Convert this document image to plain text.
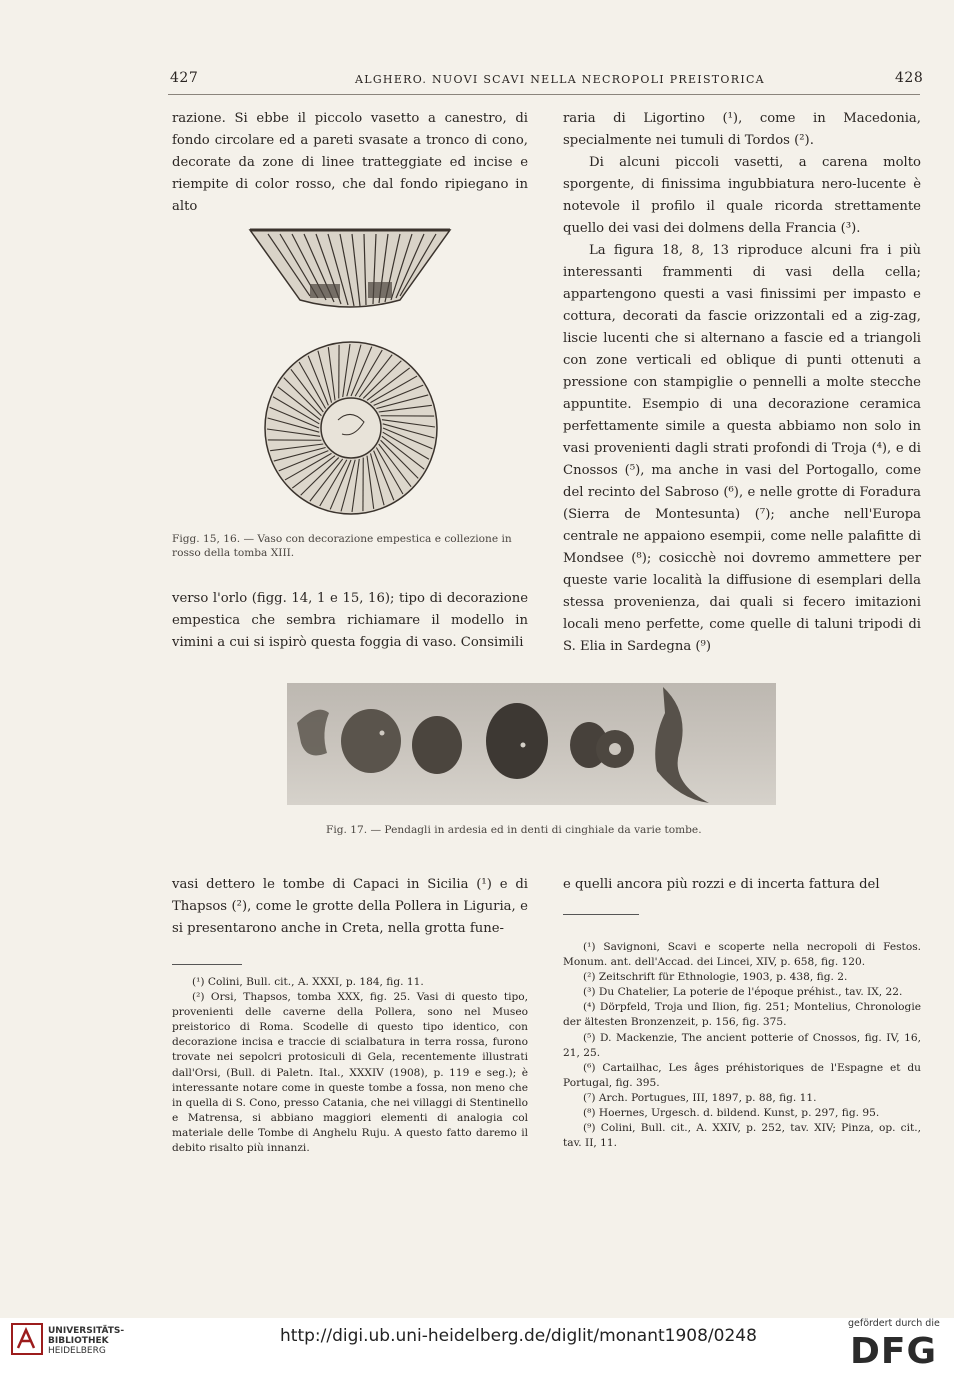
427	ALGHERO. NUOVI SCAVI NELLA NECROPOLI PREISTORICA	428

razione. Si ebbe il piccolo vasetto a canestro, di fondo circolare ed a pareti svasate a tronco di cono, decorate da zone di linee tratteggiate ed incise e riempite di color rosso, che dal fondo ripiegano in alto

Figg. 15, 16. — Vaso con decorazione empestica e collezione in rosso della tomba XIII.

verso l'orlo (figg. 14, 1 e 15, 16); tipo di decorazione empestica che sembra richiamare il modello in vimini a cui si ispirò questa foggia di vaso. Consimili

raria di Ligortino (¹), come in Macedonia, specialmente nei tumuli di Tordos (²).

Di alcuni piccoli vasetti, a carena molto sporgente, di finissima ingubbiatura nero-lucente è notevole il profilo il quale ricorda strettamente quello dei vasi dei dolmens della Francia (³).

La figura 18, 8, 13 riproduce alcuni fra i più interessanti frammenti di vasi della cella; appartengono questi a vasi finissimi per impasto e cottura, decorati da fascie orizzontali ed a zig-zag, liscie lucenti che si alternano a fascie ed a triangoli con zone verticali ed oblique di punti ottenuti a pressione con stampiglie o pennelli a molte stecche appuntite. Esempio di una decorazione ceramica perfettamente simile a questa abbiamo non solo in vasi provenienti dagli strati profondi di Troja (⁴), e di Cnossos (⁵), ma anche in vasi del Portogallo, come del recinto del Sabroso (⁶), e nelle grotte di Foradura (Sierra de Montesunta) (⁷); anche nell'Europa centrale ne appaiono esempii, come nelle palafitte di Mondsee (⁸); cosicchè noi dovremo ammettere per queste varie località la diffusione di esemplari della stessa provenienza, dai quali si fecero imitazioni locali meno perfette, come quelle di taluni tripodi di S. Elia in Sardegna (⁹)

Fig. 17. — Pendagli in ardesia ed in denti di cinghiale da varie tombe.

vasi dettero le tombe di Capaci in Sicilia (¹) e di Thapsos (²), come le grotte della Pollera in Liguria, e si presentarono anche in Creta, nella grotta fune-

e quelli ancora più rozzi e di incerta fattura del

(¹) Colini, Bull. cit., A. XXXI, p. 184, fig. 11.

(²) Orsi, Thapsos, tomba XXX, fig. 25. Vasi di questo tipo, provenienti delle caverne della Pollera, sono nel Museo preistorico di Roma. Scodelle di questo tipo identico, con decorazione incisa e traccie di scialbatura in terra rossa, furono trovate nei sepolcri protosiculi di Gela, recentemente illustrati dall'Orsi, (Bull. di Paletn. Ital., XXXIV (1908), p. 119 e seg.); è interessante notare come in queste tombe a fossa, non meno che in quella di S. Cono, presso Catania, che nei villaggi di Stentinello e Matrensa, si abbiano maggiori elementi di analogia col materiale delle Tombe di Anghelu Ruju. A questo fatto daremo il debito risalto più innanzi.

(¹) Savignoni, Scavi e scoperte nella necropoli di Festos. Monum. ant. dell'Accad. dei Lincei, XIV, p. 658, fig. 120.

(²) Zeitschrift für Ethnologie, 1903, p. 438, fig. 2.

(³) Du Chatelier, La poterie de l'époque préhist., tav. IX, 22.

(⁴) Dörpfeld, Troja und Ilion, fig. 251; Montelius, Chronologie der ältesten Bronzenzeit, p. 156, fig. 375.

(⁵) D. Mackenzie, The ancient potterie of Cnossos, fig. IV, 16, 21, 25.

(⁶) Cartailhac, Les âges préhistoriques de l'Espagne et du Portugal, fig. 395.

(⁷) Arch. Portugues, III, 1897, p. 88, fig. 11.

(⁸) Hoernes, Urgesch. d. bildend. Kunst, p. 297, fig. 95.

(⁹) Colini, Bull. cit., A. XXIV, p. 252, tav. XIV; Pinza, op. cit., tav. II, 11.

UNIVERSITÄTS-
BIBLIOTHEK
HEIDELBERG
http://digi.ub.uni-heidelberg.de/diglit/monant1908/0248
gefördert durch die
DFG
